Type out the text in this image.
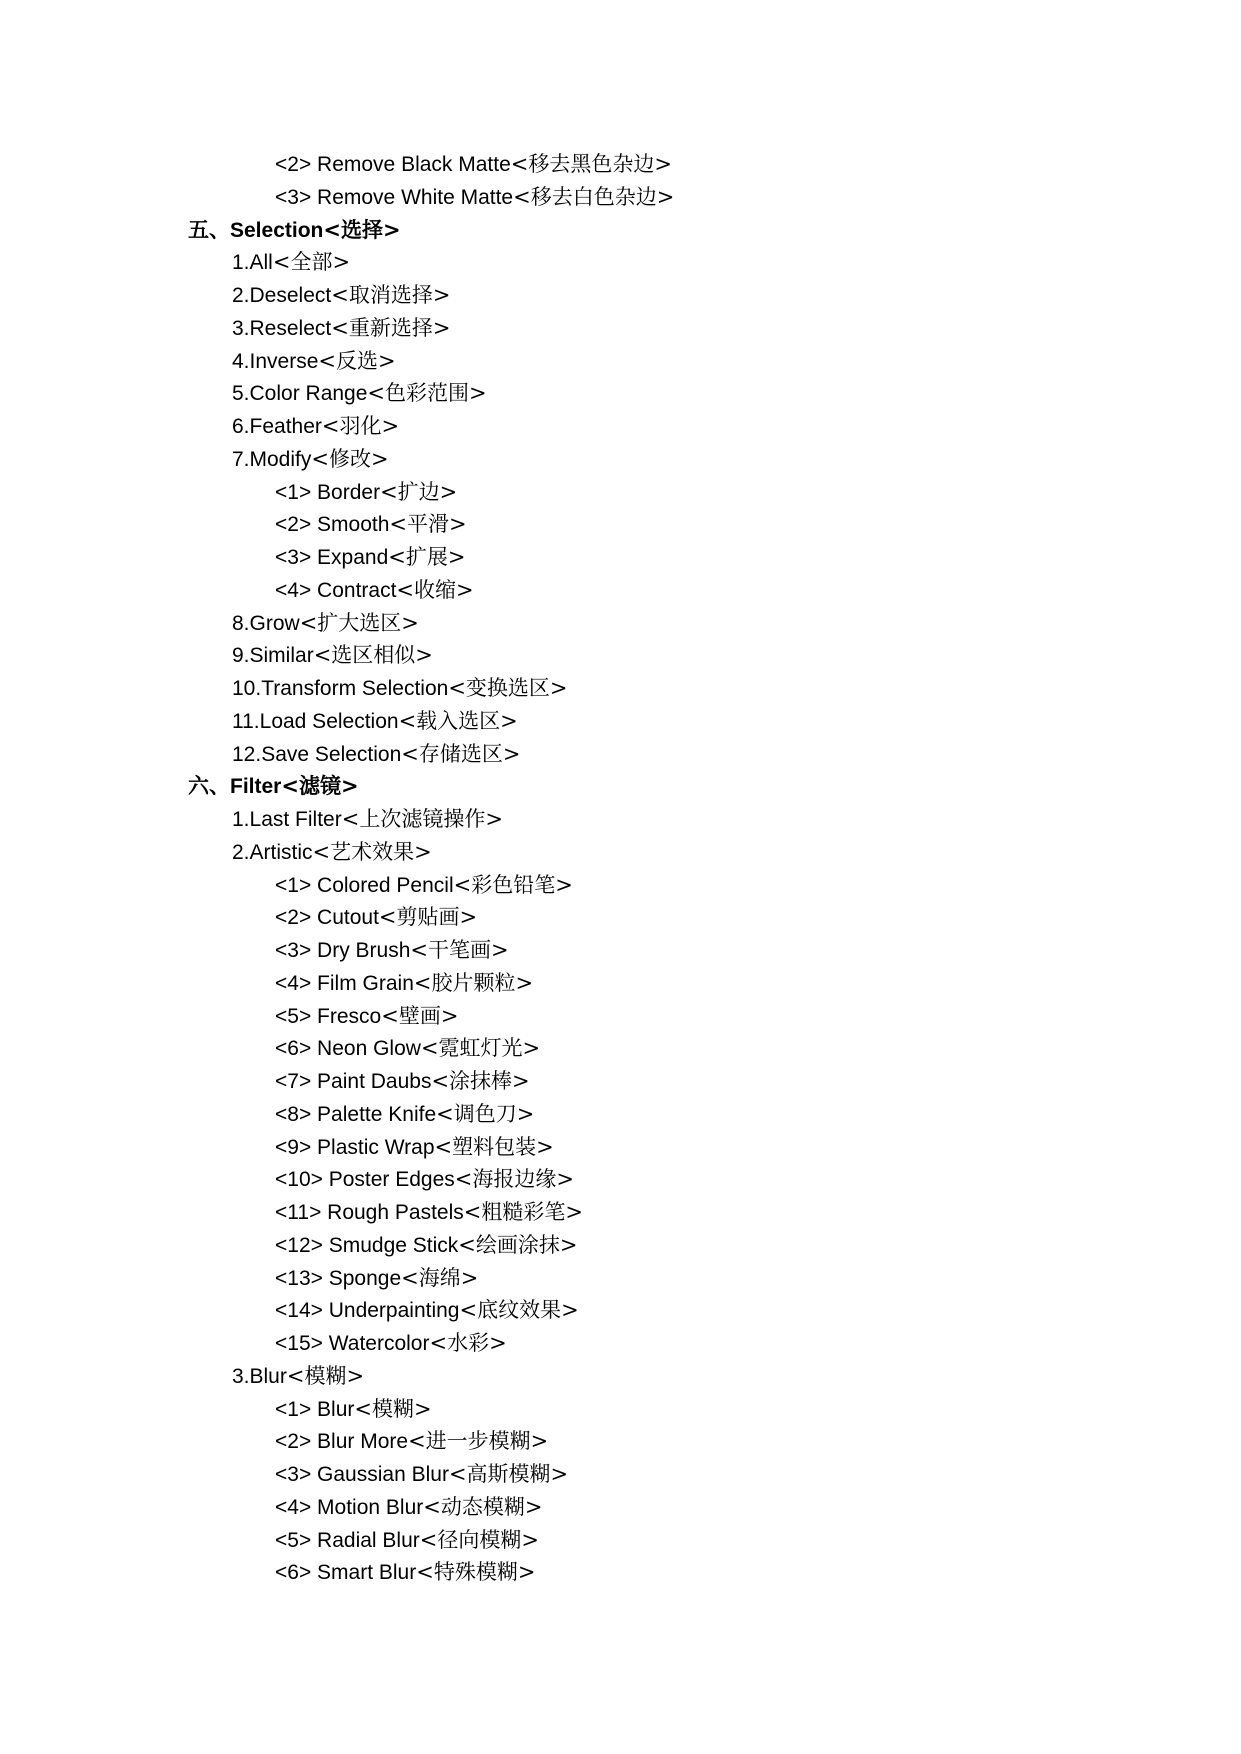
<2> Remove Black Matte<移去黑色杂边>
<3> Remove White Matte<移去白色杂边>
五、Selection<选择>
1.All<全部>
2.Deselect<取消选择>
3.Reselect<重新选择>
4.Inverse<反选>
5.Color Range<色彩范围>
6.Feather<羽化>
7.Modify<修改>
<1> Border<扩边>
<2> Smooth<平滑>
<3> Expand<扩展>
<4> Contract<收缩>
8.Grow<扩大选区>
9.Similar<选区相似>
10.Transform Selection<变换选区>
11.Load Selection<载入选区>
12.Save Selection<存储选区>
六、Filter<滤镜>
1.Last Filter<上次滤镜操作>
2.Artistic<艺术效果>
<1> Colored Pencil<彩色铅笔>
<2> Cutout<剪贴画>
<3> Dry Brush<干笔画>
<4> Film Grain<胶片颗粒>
<5> Fresco<壁画>
<6> Neon Glow<霓虹灯光>
<7> Paint Daubs<涂抹棒>
<8> Palette Knife<调色刀>
<9> Plastic Wrap<塑料包装>
<10> Poster Edges<海报边缘>
<11> Rough Pastels<粗糙彩笔>
<12> Smudge Stick<绘画涂抹>
<13> Sponge<海绵>
<14> Underpainting<底纹效果>
<15> Watercolor<水彩>
3.Blur<模糊>
<1> Blur<模糊>
<2> Blur More<进一步模糊>
<3> Gaussian Blur<高斯模糊>
<4> Motion Blur<动态模糊>
<5> Radial Blur<径向模糊>
<6> Smart Blur<特殊模糊>
